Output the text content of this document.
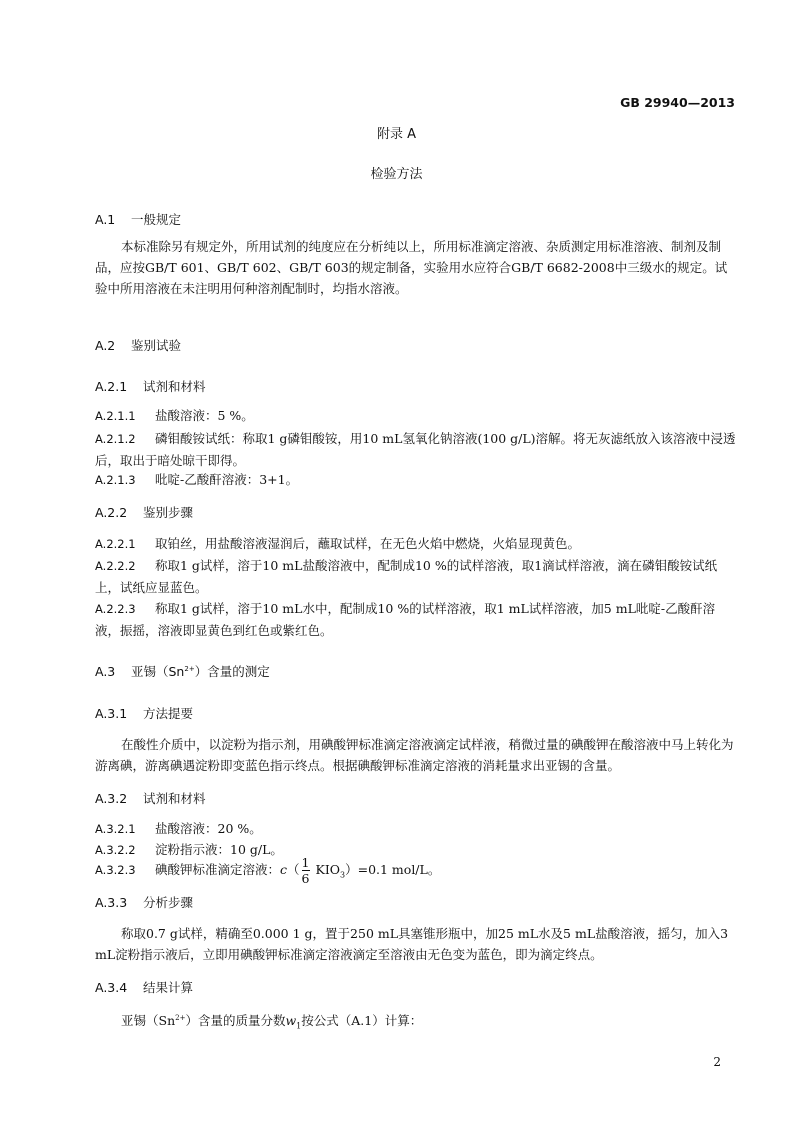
GB 29940—2013
附录 A
检验方法
A.1 一般规定
本标准除另有规定外，所用试剂的纯度应在分析纯以上，所用标准滴定溶液、杂质测定用标准溶液、制剂及制品，应按GB/T 601、GB/T 602、GB/T 603的规定制备，实验用水应符合GB/T 6682-2008中三级水的规定。试验中所用溶液在未注明用何种溶剂配制时，均指水溶液。
A.2 鉴别试验
A.2.1 试剂和材料
A.2.1.1 盐酸溶液：5 %。
A.2.1.2 磷钼酸铵试纸：称取1 g磷钼酸铵，用10 mL氢氧化钠溶液(100 g/L)溶解。将无灰滤纸放入该溶液中浸透后，取出于暗处晾干即得。
A.2.1.3 吡啶-乙酸酐溶液：3+1。
A.2.2 鉴别步骤
A.2.2.1 取铂丝，用盐酸溶液湿润后，蘸取试样，在无色火焰中燃烧，火焰显现黄色。
A.2.2.2 称取1 g试样，溶于10 mL盐酸溶液中，配制成10 %的试样溶液，取1滴试样溶液，滴在磷钼酸铵试纸上，试纸应显蓝色。
A.2.2.3 称取1 g试样，溶于10 mL水中，配制成10 %的试样溶液，取1 mL试样溶液，加5 mL吡啶-乙酸酐溶液，振摇，溶液即显黄色到红色或紫红色。
A.3 亚锡$(Sn^{2+})$含量的测定
A.3.1 方法提要
在酸性介质中，以淀粉为指示剂，用碘酸钾标准滴定溶液滴定试样液，稍微过量的碘酸钾在酸溶液中马上转化为游离碘，游离碘遇淀粉即变蓝色指示终点。根据碘酸钾标准滴定溶液的消耗量求出亚锡的含量。
A.3.2 试剂和材料
A.3.2.1 盐酸溶液：20 %。
A.3.2.2 淀粉指示液：10 g/L。
A.3.2.3 碘酸钾标准滴定溶液：$c( \frac{1}{6} KIO_3)=0.1$ mol/L。
A.3.3 分析步骤
称取0.7 g试样，精确至0.000 1 g，置于250 mL具塞锥形瓶中，加25 mL水及5 mL盐酸溶液，摇匀，加入3 mL淀粉指示液后，立即用碘酸钾标准滴定溶液滴定至溶液由无色变为蓝色，即为滴定终点。
A.3.4 结果计算
亚锡$(Sn^{2+})$含量的质量分数$w_1$按公式（A.1）计算：
2
